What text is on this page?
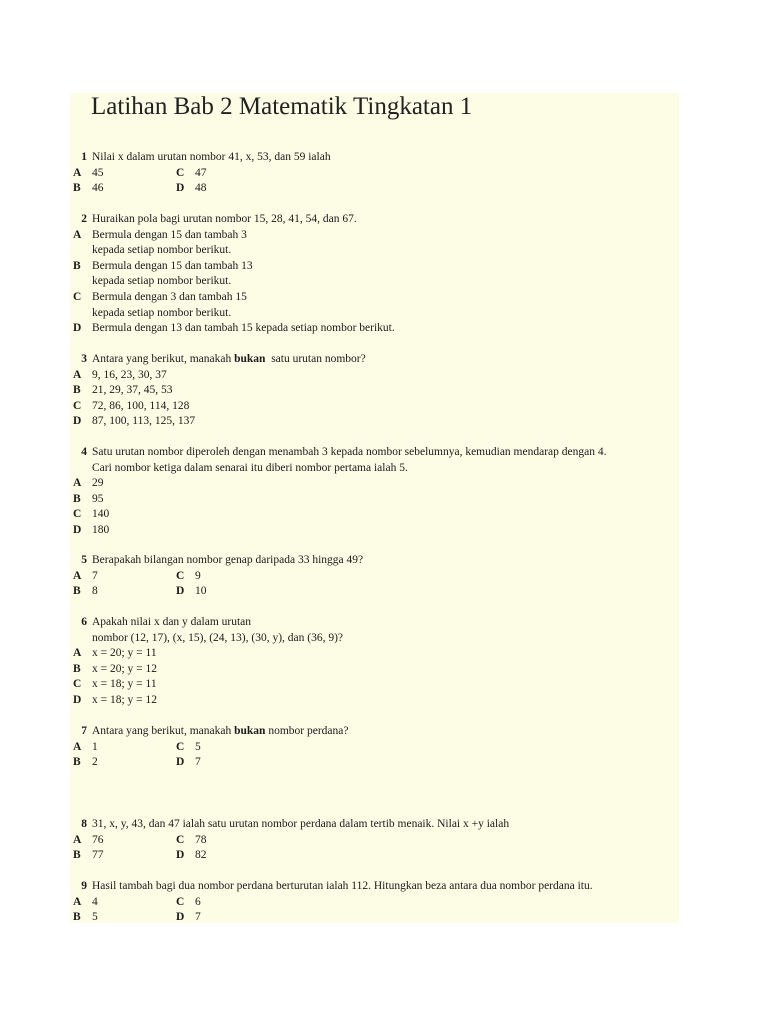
Latihan Bab 2 Matematik Tingkatan 1
1 Nilai x dalam urutan nombor 41, x, 53, dan 59 ialah
A 45	C 47
B 46	D 48
2 Huraikan pola bagi urutan nombor 15, 28, 41, 54, dan 67.
A Bermula dengan 15 dan tambah 3
kepada setiap nombor berikut.
B Bermula dengan 15 dan tambah 13
kepada setiap nombor berikut.
C Bermula dengan 3 dan tambah 15
kepada setiap nombor berikut.
D Bermula dengan 13 dan tambah 15 kepada setiap nombor berikut.
3 Antara yang berikut, manakah bukan satu urutan nombor?
A 9, 16, 23, 30, 37
B 21, 29, 37, 45, 53
C 72, 86, 100, 114, 128
D 87, 100, 113, 125, 137
4 Satu urutan nombor diperoleh dengan menambah 3 kepada nombor sebelumnya, kemudian mendarap dengan 4.
Cari nombor ketiga dalam senarai itu diberi nombor pertama ialah 5.
A 29
B 95
C 140
D 180
5 Berapakah bilangan nombor genap daripada 33 hingga 49?
A 7	C 9
B 8	D 10
6 Apakah nilai x dan y dalam urutan
nombor (12, 17), (x, 15), (24, 13), (30, y), dan (36, 9)?
A x = 20; y = 11
B x = 20; y = 12
C x = 18; y = 11
D x = 18; y = 12
7 Antara yang berikut, manakah bukan nombor perdana?
A 1	C 5
B 2	D 7
8 31, x, y, 43, dan 47 ialah satu urutan nombor perdana dalam tertib menaik. Nilai x +y ialah
A 76	C 78
B 77	D 82
9 Hasil tambah bagi dua nombor perdana berturutan ialah 112. Hitungkan beza antara dua nombor perdana itu.
A 4	C 6
B 5	D 7
